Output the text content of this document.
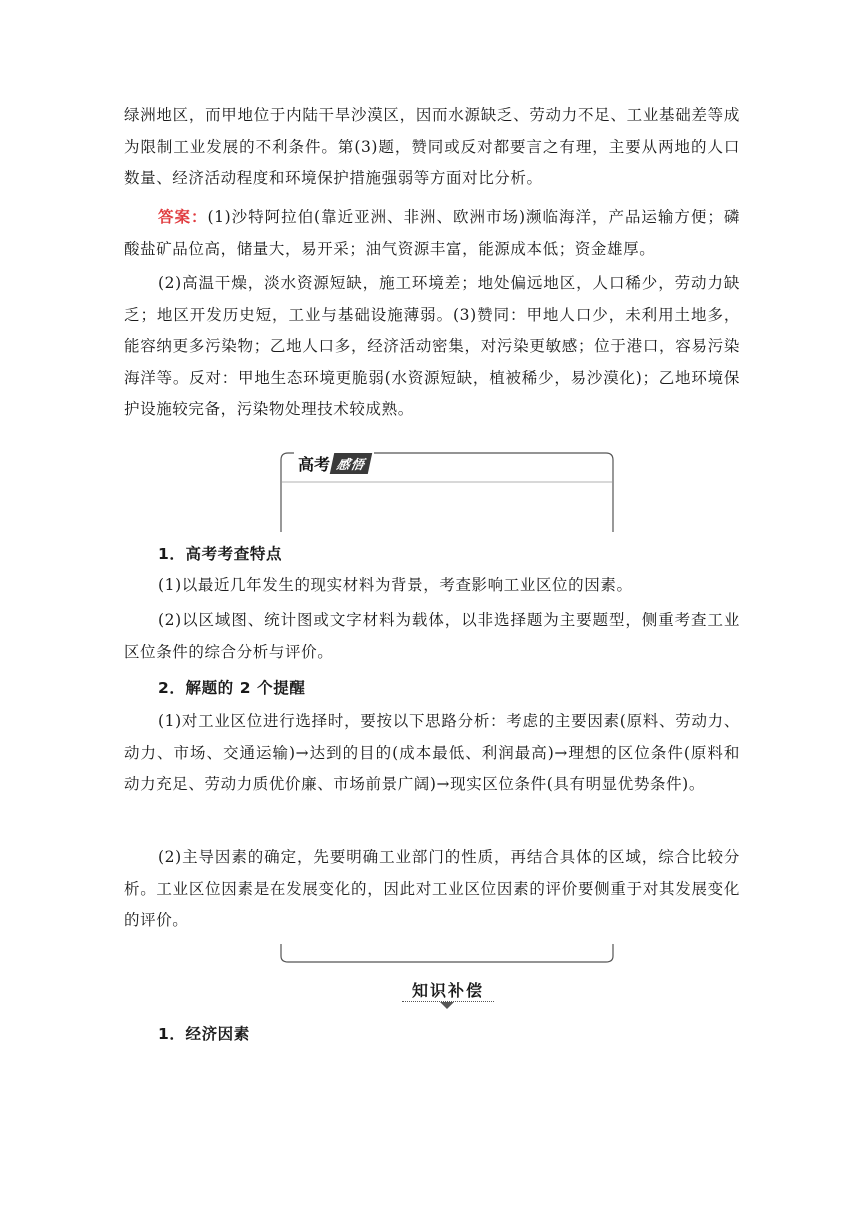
绿洲地区，而甲地位于内陆干旱沙漠区，因而水源缺乏、劳动力不足、工业基础差等成为限制工业发展的不利条件。第(3)题，赞同或反对都要言之有理，主要从两地的人口数量、经济活动程度和环境保护措施强弱等方面对比分析。
答案：(1)沙特阿拉伯(靠近亚洲、非洲、欧洲市场)濒临海洋，产品运输方便；磷酸盐矿品位高，储量大，易开采；油气资源丰富，能源成本低；资金雄厚。
(2)高温干燥，淡水资源短缺，施工环境差；地处偏远地区，人口稀少，劳动力缺乏；地区开发历史短，工业与基础设施薄弱。(3)赞同：甲地人口少，未利用土地多，能容纳更多污染物；乙地人口多，经济活动密集，对污染更敏感；位于港口，容易污染海洋等。反对：甲地生态环境更脆弱(水资源短缺，植被稀少，易沙漠化)；乙地环境保护设施较完备，污染物处理技术较成熟。
高考 感悟
1．高考考查特点
(1)以最近几年发生的现实材料为背景，考查影响工业区位的因素。
(2)以区域图、统计图或文字材料为载体，以非选择题为主要题型，侧重考查工业区位条件的综合分析与评价。
2．解题的 2 个提醒
(1)对工业区位进行选择时，要按以下思路分析：考虑的主要因素(原料、劳动力、动力、市场、交通运输)→达到的目的(成本最低、利润最高)→理想的区位条件(原料和动力充足、劳动力质优价廉、市场前景广阔)→现实区位条件(具有明显优势条件)。
(2)主导因素的确定，先要明确工业部门的性质，再结合具体的区域，综合比较分析。工业区位因素是在发展变化的，因此对工业区位因素的评价要侧重于对其发展变化的评价。
知识补偿
1．经济因素
